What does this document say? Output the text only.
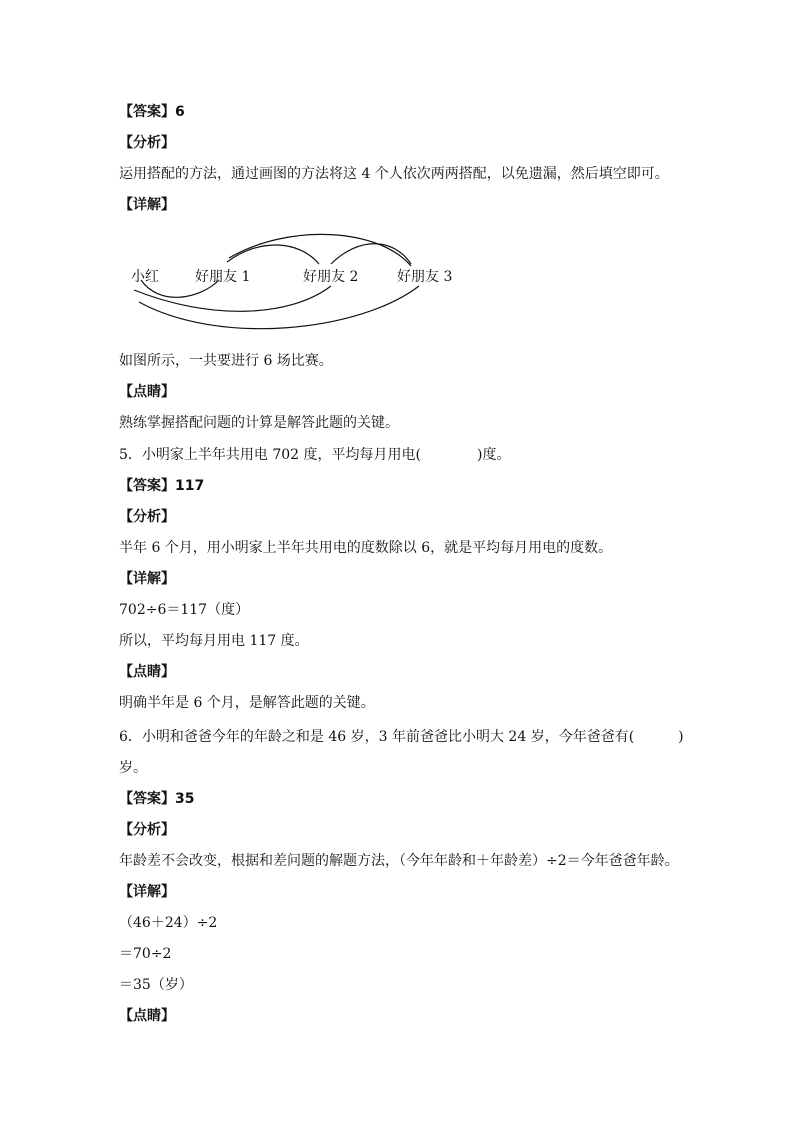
【答案】6
【分析】
运用搭配的方法，通过画图的方法将这 4 个人依次两两搭配，以免遗漏，然后填空即可。
【详解】
小红	好朋友 1	好朋友 2	好朋友 3
如图所示，一共要进行 6 场比赛。
【点睛】
熟练掌握搭配问题的计算是解答此题的关键。
5．小明家上半年共用电 702 度，平均每月用电(	)度。
【答案】117
【分析】
半年 6 个月，用小明家上半年共用电的度数除以 6，就是平均每月用电的度数。
【详解】
702÷6＝117（度）
所以，平均每月用电 117 度。
【点睛】
明确半年是 6 个月，是解答此题的关键。
6．小明和爸爸今年的年龄之和是 46 岁，3 年前爸爸比小明大 24 岁，今年爸爸有(	)
岁。
【答案】35
【分析】
年龄差不会改变，根据和差问题的解题方法，（今年年龄和＋年龄差）÷2＝今年爸爸年龄。
【详解】
（46＋24）÷2
＝70÷2
＝35（岁）
【点睛】
